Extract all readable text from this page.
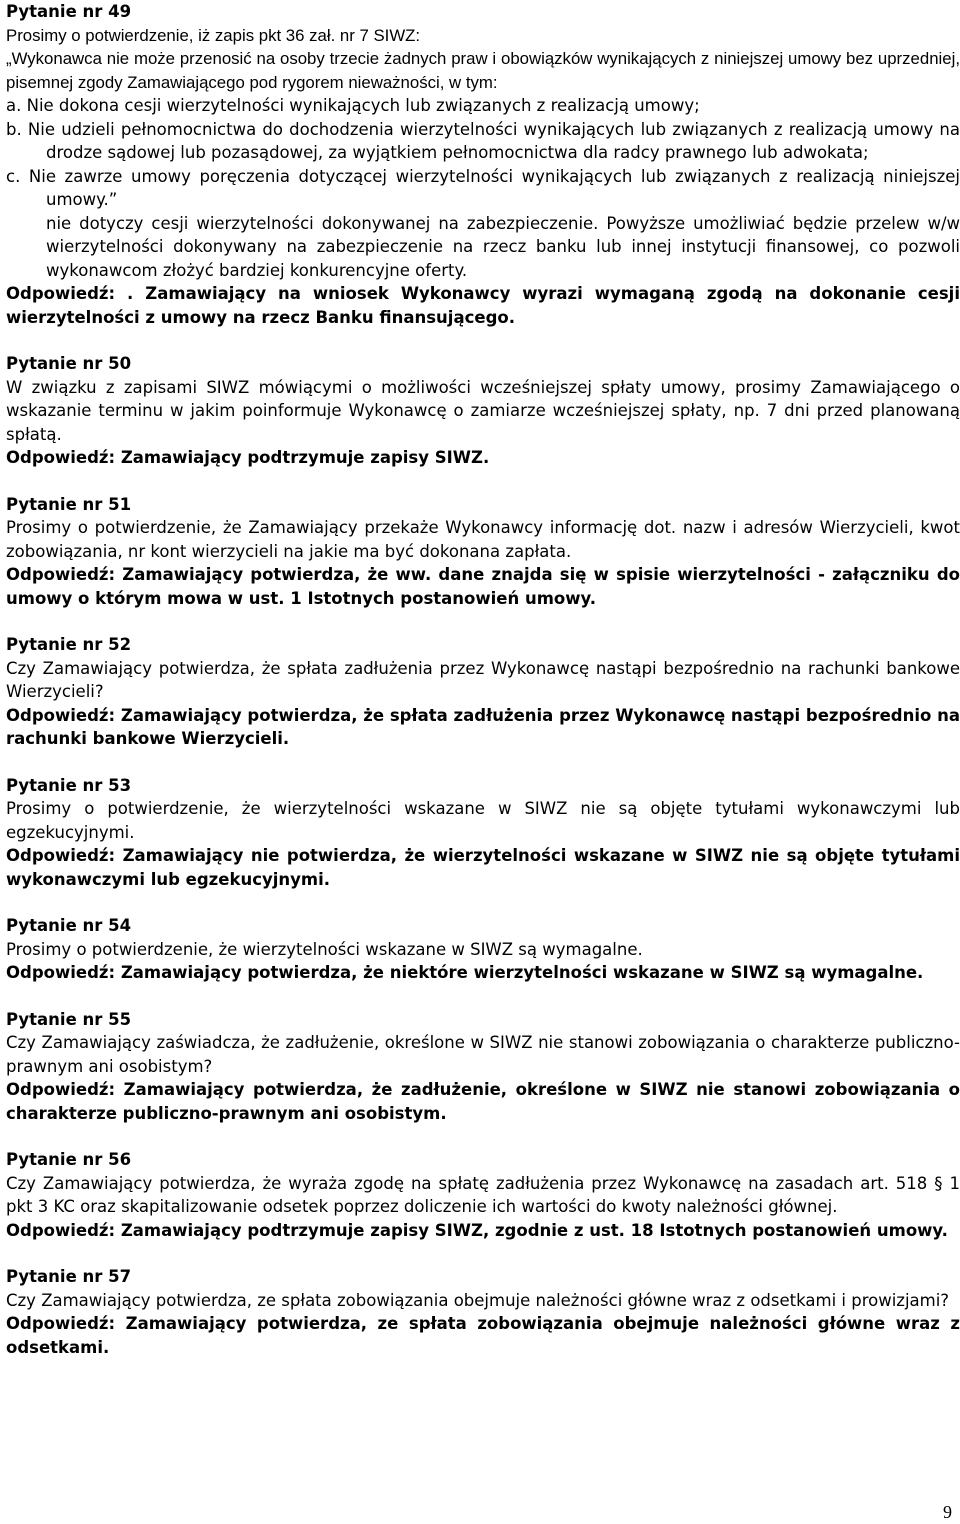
Pytanie nr 49

Prosimy o potwierdzenie, iż zapis pkt 36 zał. nr 7 SIWZ:

„Wykonawca nie może przenosić na osoby trzecie żadnych praw i obowiązków wynikających z niniejszej umowy bez uprzedniej, pisemnej zgody Zamawiającego pod rygorem nieważności, w tym:

a. Nie dokona cesji wierzytelności wynikających lub związanych z realizacją umowy;

b. Nie udzieli pełnomocnictwa do dochodzenia wierzytelności wynikających lub związanych z realizacją umowy na drodze sądowej lub pozasądowej, za wyjątkiem pełnomocnictwa dla radcy prawnego lub adwokata;

c. Nie zawrze umowy poręczenia dotyczącej wierzytelności wynikających lub związanych z realizacją niniejszej umowy.”

nie dotyczy cesji wierzytelności dokonywanej na zabezpieczenie. Powyższe umożliwiać będzie przelew w/w wierzytelności dokonywany na zabezpieczenie na rzecz banku lub innej instytucji finansowej, co pozwoli wykonawcom złożyć bardziej konkurencyjne oferty.

Odpowiedź: . Zamawiający na wniosek Wykonawcy wyrazi wymaganą zgodą na dokonanie cesji wierzytelności z umowy na rzecz Banku finansującego.

Pytanie nr 50

W związku z zapisami SIWZ mówiącymi o możliwości wcześniejszej spłaty umowy, prosimy Zamawiającego o wskazanie terminu w jakim poinformuje Wykonawcę o zamiarze wcześniejszej spłaty, np. 7 dni przed planowaną spłatą.

Odpowiedź: Zamawiający podtrzymuje zapisy SIWZ.

Pytanie nr 51

Prosimy o potwierdzenie, że Zamawiający przekaże Wykonawcy informację dot. nazw i adresów Wierzycieli, kwot zobowiązania, nr kont wierzycieli na jakie ma być dokonana zapłata.

Odpowiedź: Zamawiający potwierdza, że ww. dane znajda się w spisie wierzytelności - załączniku do umowy o którym mowa w ust. 1 Istotnych postanowień umowy.

Pytanie nr 52

Czy Zamawiający potwierdza, że spłata zadłużenia przez Wykonawcę nastąpi bezpośrednio na rachunki bankowe Wierzycieli?

Odpowiedź: Zamawiający potwierdza, że spłata zadłużenia przez Wykonawcę nastąpi bezpośrednio na rachunki bankowe Wierzycieli.

Pytanie nr 53

Prosimy o potwierdzenie, że wierzytelności wskazane w SIWZ nie są objęte tytułami wykonawczymi lub egzekucyjnymi.

Odpowiedź: Zamawiający nie potwierdza, że wierzytelności wskazane w SIWZ nie są objęte tytułami wykonawczymi lub egzekucyjnymi.

Pytanie nr 54

Prosimy o potwierdzenie, że wierzytelności wskazane w SIWZ są wymagalne.

Odpowiedź: Zamawiający potwierdza, że niektóre wierzytelności wskazane w SIWZ są wymagalne.

Pytanie nr 55

Czy Zamawiający zaświadcza, że zadłużenie, określone w SIWZ nie stanowi zobowiązania o charakterze publiczno-prawnym ani osobistym?

Odpowiedź: Zamawiający potwierdza, że zadłużenie, określone w SIWZ nie stanowi zobowiązania o charakterze publiczno-prawnym ani osobistym.

Pytanie nr 56

Czy Zamawiający potwierdza, że wyraża zgodę na spłatę zadłużenia przez Wykonawcę na zasadach art. 518 § 1 pkt 3 KC oraz skapitalizowanie odsetek poprzez doliczenie ich wartości do kwoty należności głównej.

Odpowiedź: Zamawiający podtrzymuje zapisy SIWZ, zgodnie z ust. 18 Istotnych postanowień umowy.

Pytanie nr 57

Czy Zamawiający potwierdza, ze spłata zobowiązania obejmuje należności główne wraz z odsetkami i prowizjami?

Odpowiedź: Zamawiający potwierdza, ze spłata zobowiązania obejmuje należności główne wraz z odsetkami.

9
